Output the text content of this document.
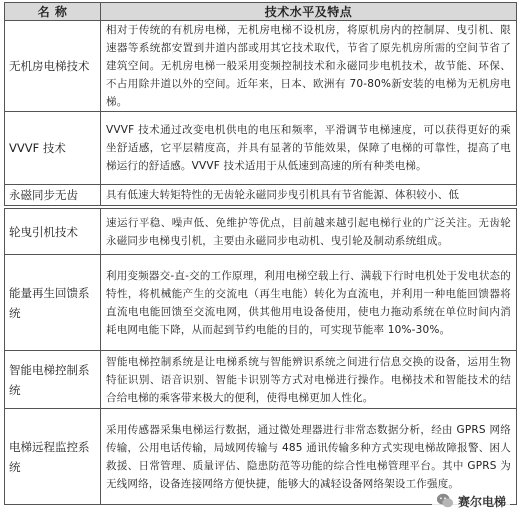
名 称	技术水平及特点
无机房电梯技术	相对于传统的有机房电梯，无机房电梯不设机房，将原机房内的控制屏、曳引机、限速器等系统都安置到井道内部或用其它技术取代，节省了原先机房所需的空间节省了建筑空间。无机房电梯一般采用变频控制技术和永磁同步电机技术，故节能、环保、不占用除井道以外的空间。近年来，日本、欧洲有 70-80%新安装的电梯为无机房电梯。
VVVF 技术	VVVF 技术通过改变电机供电的电压和频率，平滑调节电梯速度，可以获得更好的乘坐舒适感，它平层精度高，并具有显著的节能效果，保障了电梯的可靠性，提高了电梯运行的舒适感。VVVF 技术适用于从低速到高速的所有种类电梯。
永磁同步无齿	具有低速大转矩特性的无齿轮永磁同步曳引机具有节省能源、体积较小、低

轮曳引机技术	速运行平稳、噪声低、免维护等优点，目前越来越引起电梯行业的广泛关注。无齿轮永磁同步电梯曳引机，主要由永磁同步电动机、曳引轮及制动系统组成。
能量再生回馈系统	利用变频器交-直-交的工作原理，利用电梯空载上行、满载下行时电机处于发电状态的特性，将机械能产生的交流电（再生电能）转化为直流电，并利用一种电能回馈器将直流电电能回馈至交流电网，供其他用电设备使用，使电力拖动系统在单位时间内消耗电网电能下降，从而起到节约电能的目的，可实现节能率 10%-30%。
智能电梯控制系统	智能电梯控制系统是让电梯系统与智能辨识系统之间进行信息交换的设备，运用生物特征识别、语音识别、智能卡识别等方式对电梯进行操作。电梯技术和智能技术的结合给电梯的乘客带来极大的便利，使得电梯更加人性化。
电梯远程监控系统	采用传感器采集电梯运行数据，通过微处理器进行非常态数据分析，经由 GPRS 网络传输，公用电话传输，局域网传输与 485 通讯传输多种方式实现电梯故障报警、困人救援、日常管理、质量评估、隐患防范等功能的综合性电梯管理平台。其中 GPRS 为无线网络，设备连接网络方便快捷，能够大的减轻设备网络架设工作强度。
赛尔电梯
